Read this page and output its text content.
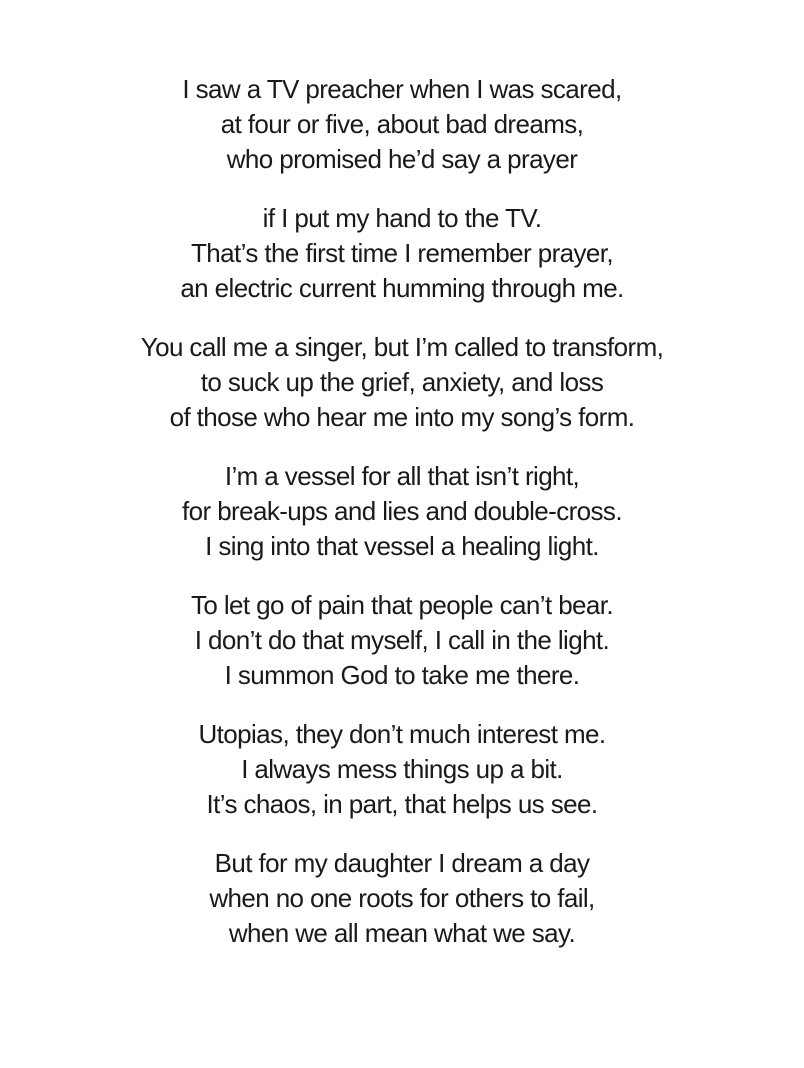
I saw a TV preacher when I was scared,
at four or five, about bad dreams,
who promised he’d say a prayer
if I put my hand to the TV.
That’s the first time I remember prayer,
an electric current humming through me.
You call me a singer, but I’m called to transform,
to suck up the grief, anxiety, and loss
of those who hear me into my song’s form.
I’m a vessel for all that isn’t right,
for break-ups and lies and double-cross.
I sing into that vessel a healing light.
To let go of pain that people can’t bear.
I don’t do that myself, I call in the light.
I summon God to take me there.
Utopias, they don’t much interest me.
I always mess things up a bit.
It’s chaos, in part, that helps us see.
But for my daughter I dream a day
when no one roots for others to fail,
when we all mean what we say.
